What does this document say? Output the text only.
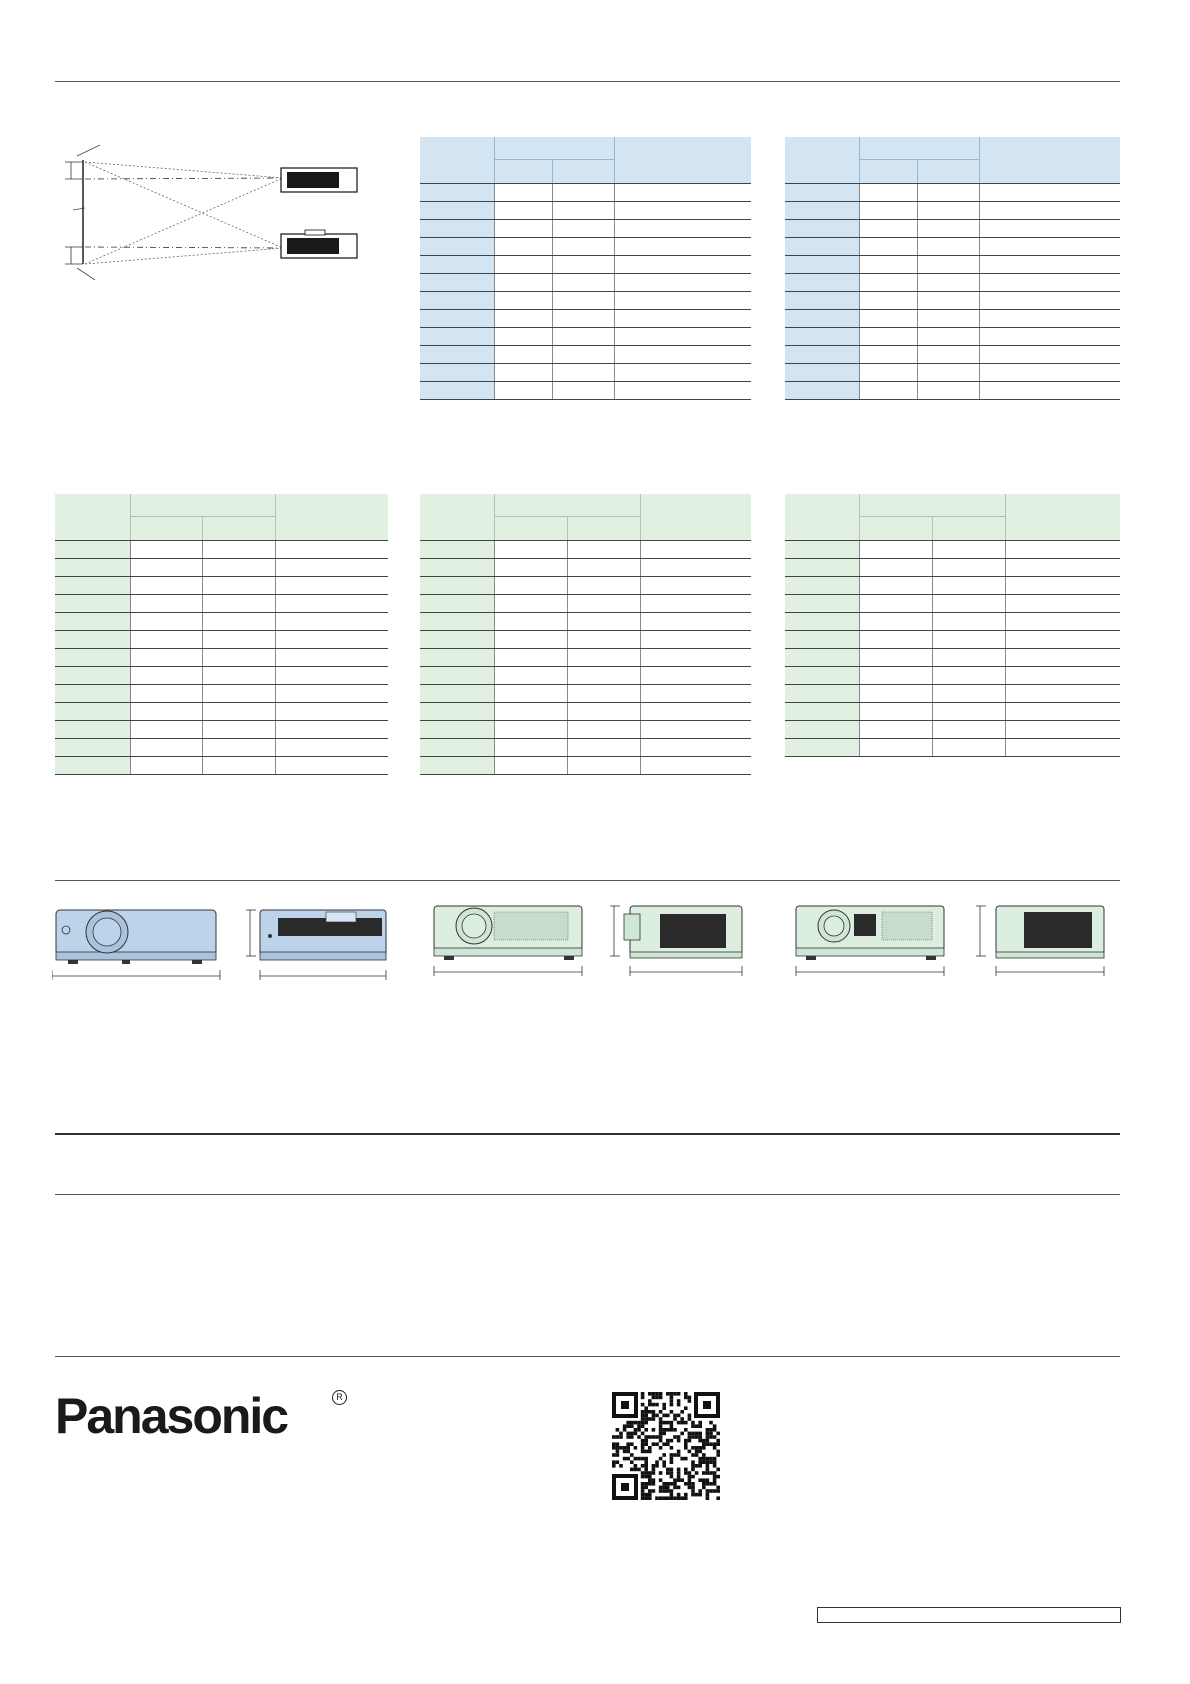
Panasonic	R
